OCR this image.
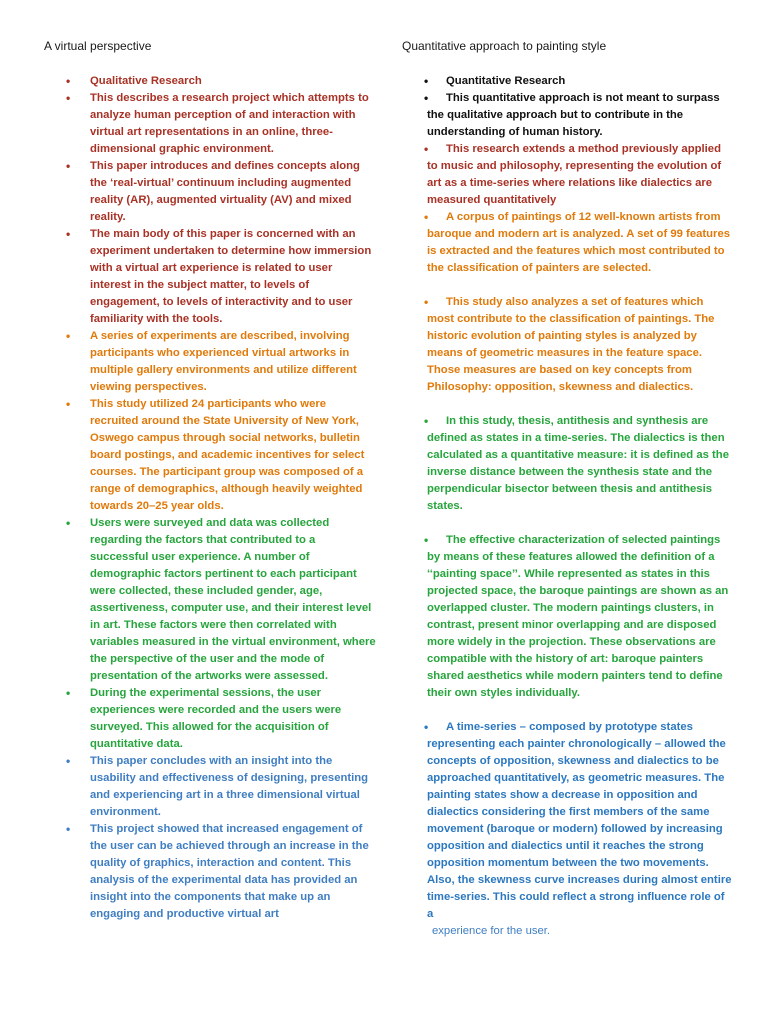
A virtual perspective
• Qualitative Research
• This describes a research project which attempts to analyze human perception of and interaction with virtual art representations in an online, three-dimensional graphic environment.
• This paper introduces and defines concepts along the ‘real-virtual’ continuum including augmented reality (AR), augmented virtuality (AV) and mixed reality.
• The main body of this paper is concerned with an experiment undertaken to determine how immersion with a virtual art experience is related to user interest in the subject matter, to levels of engagement, to levels of interactivity and to user familiarity with the tools.
• A series of experiments are described, involving participants who experienced virtual artworks in multiple gallery environments and utilize different viewing perspectives.
• This study utilized 24 participants who were recruited around the State University of New York, Oswego campus through social networks, bulletin board postings, and academic incentives for select courses. The participant group was composed of a range of demographics, although heavily weighted towards 20–25 year olds.
• Users were surveyed and data was collected regarding the factors that contributed to a successful user experience. A number of demographic factors pertinent to each participant were collected, these included gender, age, assertiveness, computer use, and their interest level in art. These factors were then correlated with variables measured in the virtual environment, where the perspective of the user and the mode of presentation of the artworks were assessed.
• During the experimental sessions, the user experiences were recorded and the users were surveyed. This allowed for the acquisition of quantitative data.
• This paper concludes with an insight into the usability and effectiveness of designing, presenting and experiencing art in a three dimensional virtual environment.
• This project showed that increased engagement of the user can be achieved through an increase in the quality of graphics, interaction and content. This analysis of the experimental data has provided an insight into the components that make up an engaging and productive virtual art
Quantitative approach to painting style
• Quantitative Research
• This quantitative approach is not meant to surpass the qualitative approach but to contribute in the understanding of human history.
• This research extends a method previously applied to music and philosophy, representing the evolution of art as a time-series where relations like dialectics are measured quantitatively
• A corpus of paintings of 12 well-known artists from baroque and modern art is analyzed. A set of 99 features is extracted and the features which most contributed to the classification of painters are selected.
• This study also analyzes a set of features which most contribute to the classification of paintings. The historic evolution of painting styles is analyzed by means of geometric measures in the feature space. Those measures are based on key concepts from Philosophy: opposition, skewness and dialectics.
• In this study, thesis, antithesis and synthesis are defined as states in a time-series. The dialectics is then calculated as a quantitative measure: it is defined as the inverse distance between the synthesis state and the perpendicular bisector between thesis and antithesis states.
• The effective characterization of selected paintings by means of these features allowed the definition of a ‘‘painting space’’. While represented as states in this projected space, the baroque paintings are shown as an overlapped cluster. The modern paintings clusters, in contrast, present minor overlapping and are disposed more widely in the projection. These observations are compatible with the history of art: baroque painters shared aesthetics while modern painters tend to define their own styles individually.
• A time-series – composed by prototype states representing each painter chronologically – allowed the concepts of opposition, skewness and dialectics to be approached quantitatively, as geometric measures. The painting states show a decrease in opposition and dialectics considering the first members of the same movement (baroque or modern) followed by increasing opposition and dialectics until it reaches the strong opposition momentum between the two movements. Also, the skewness curve increases during almost entire time-series. This could reflect a strong influence role of a
experience for the user.
